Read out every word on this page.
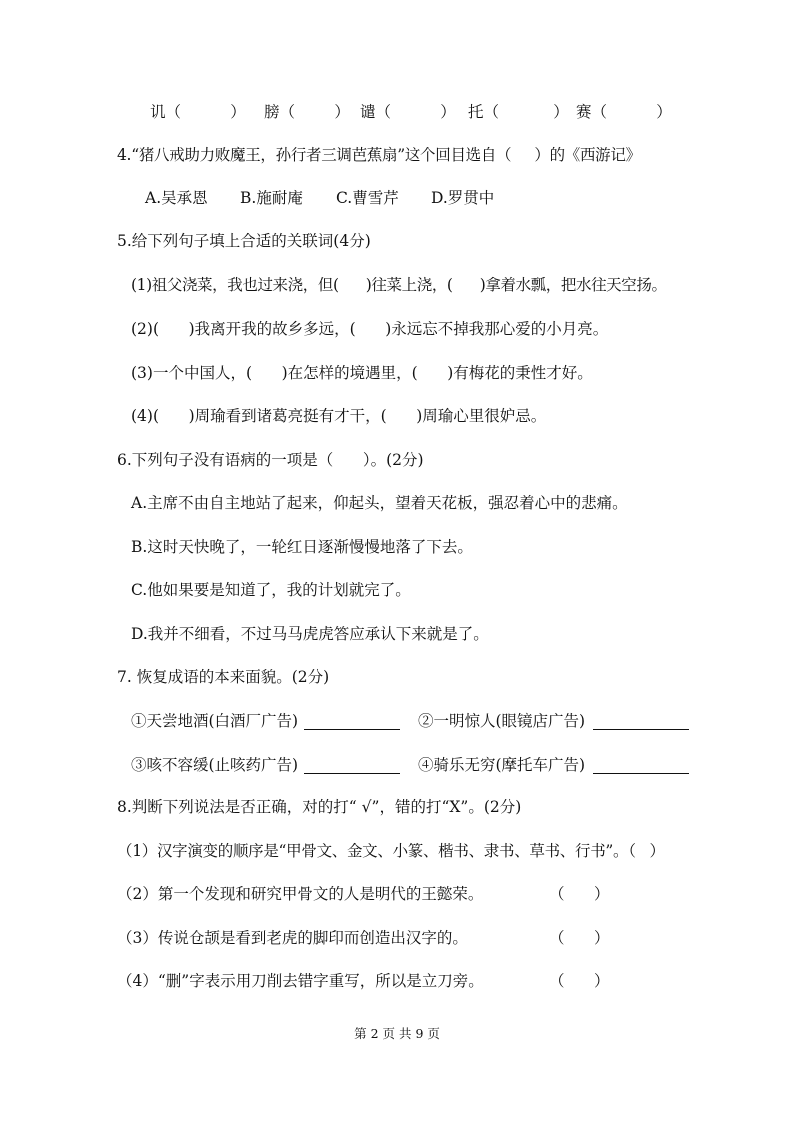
讥（          ） 膀（        ） 谴（          ） 托（           ） 赛（          ）
4.“猪八戒助力败魔王，孙行者三调芭蕉扇”这个回目选自（     ）的《西游记》
A.吴承恩 B.施耐庵 C.曹雪芹 D.罗贯中
5.给下列句子填上合适的关联词(4分)
(1)祖父浇菜，我也过来浇，但(      )往菜上浇，(      )拿着水瓢，把水往天空扬。
(2)(      )我离开我的故乡多远，(      )永远忘不掉我那心爱的小月亮。
(3)一个中国人，(      )在怎样的境遇里，(      )有梅花的秉性才好。
(4)(      )周瑜看到诸葛亮挺有才干，(      )周瑜心里很妒忌。
6.下列句子没有语病的一项是（      ）。(2分)
A.主席不由自主地站了起来，仰起头，望着天花板，强忍着心中的悲痛。
B.这时天快晚了，一轮红日逐渐慢慢地落了下去。
C.他如果要是知道了，我的计划就完了。
D.我并不细看，不过马马虎虎答应承认下来就是了。
7. 恢复成语的本来面貌。(2分)
①天尝地酒(白酒厂广告)	②一明惊人(眼镜店广告)
③咳不容缓(止咳药广告)	④骑乐无穷(摩托车广告)
8.判断下列说法是否正确，对的打“ √”，错的打“X”。(2分)
（1）汉字演变的顺序是“甲骨文、金文、小篆、楷书、隶书、草书、行书”。（   ）
（2）第一个发现和研究甲骨文的人是明代的王懿荣。	（      ）
（3）传说仓颉是看到老虎的脚印而创造出汉字的。	（      ）
（4）“删”字表示用刀削去错字重写，所以是立刀旁。	（      ）
第 2 页 共 9 页
